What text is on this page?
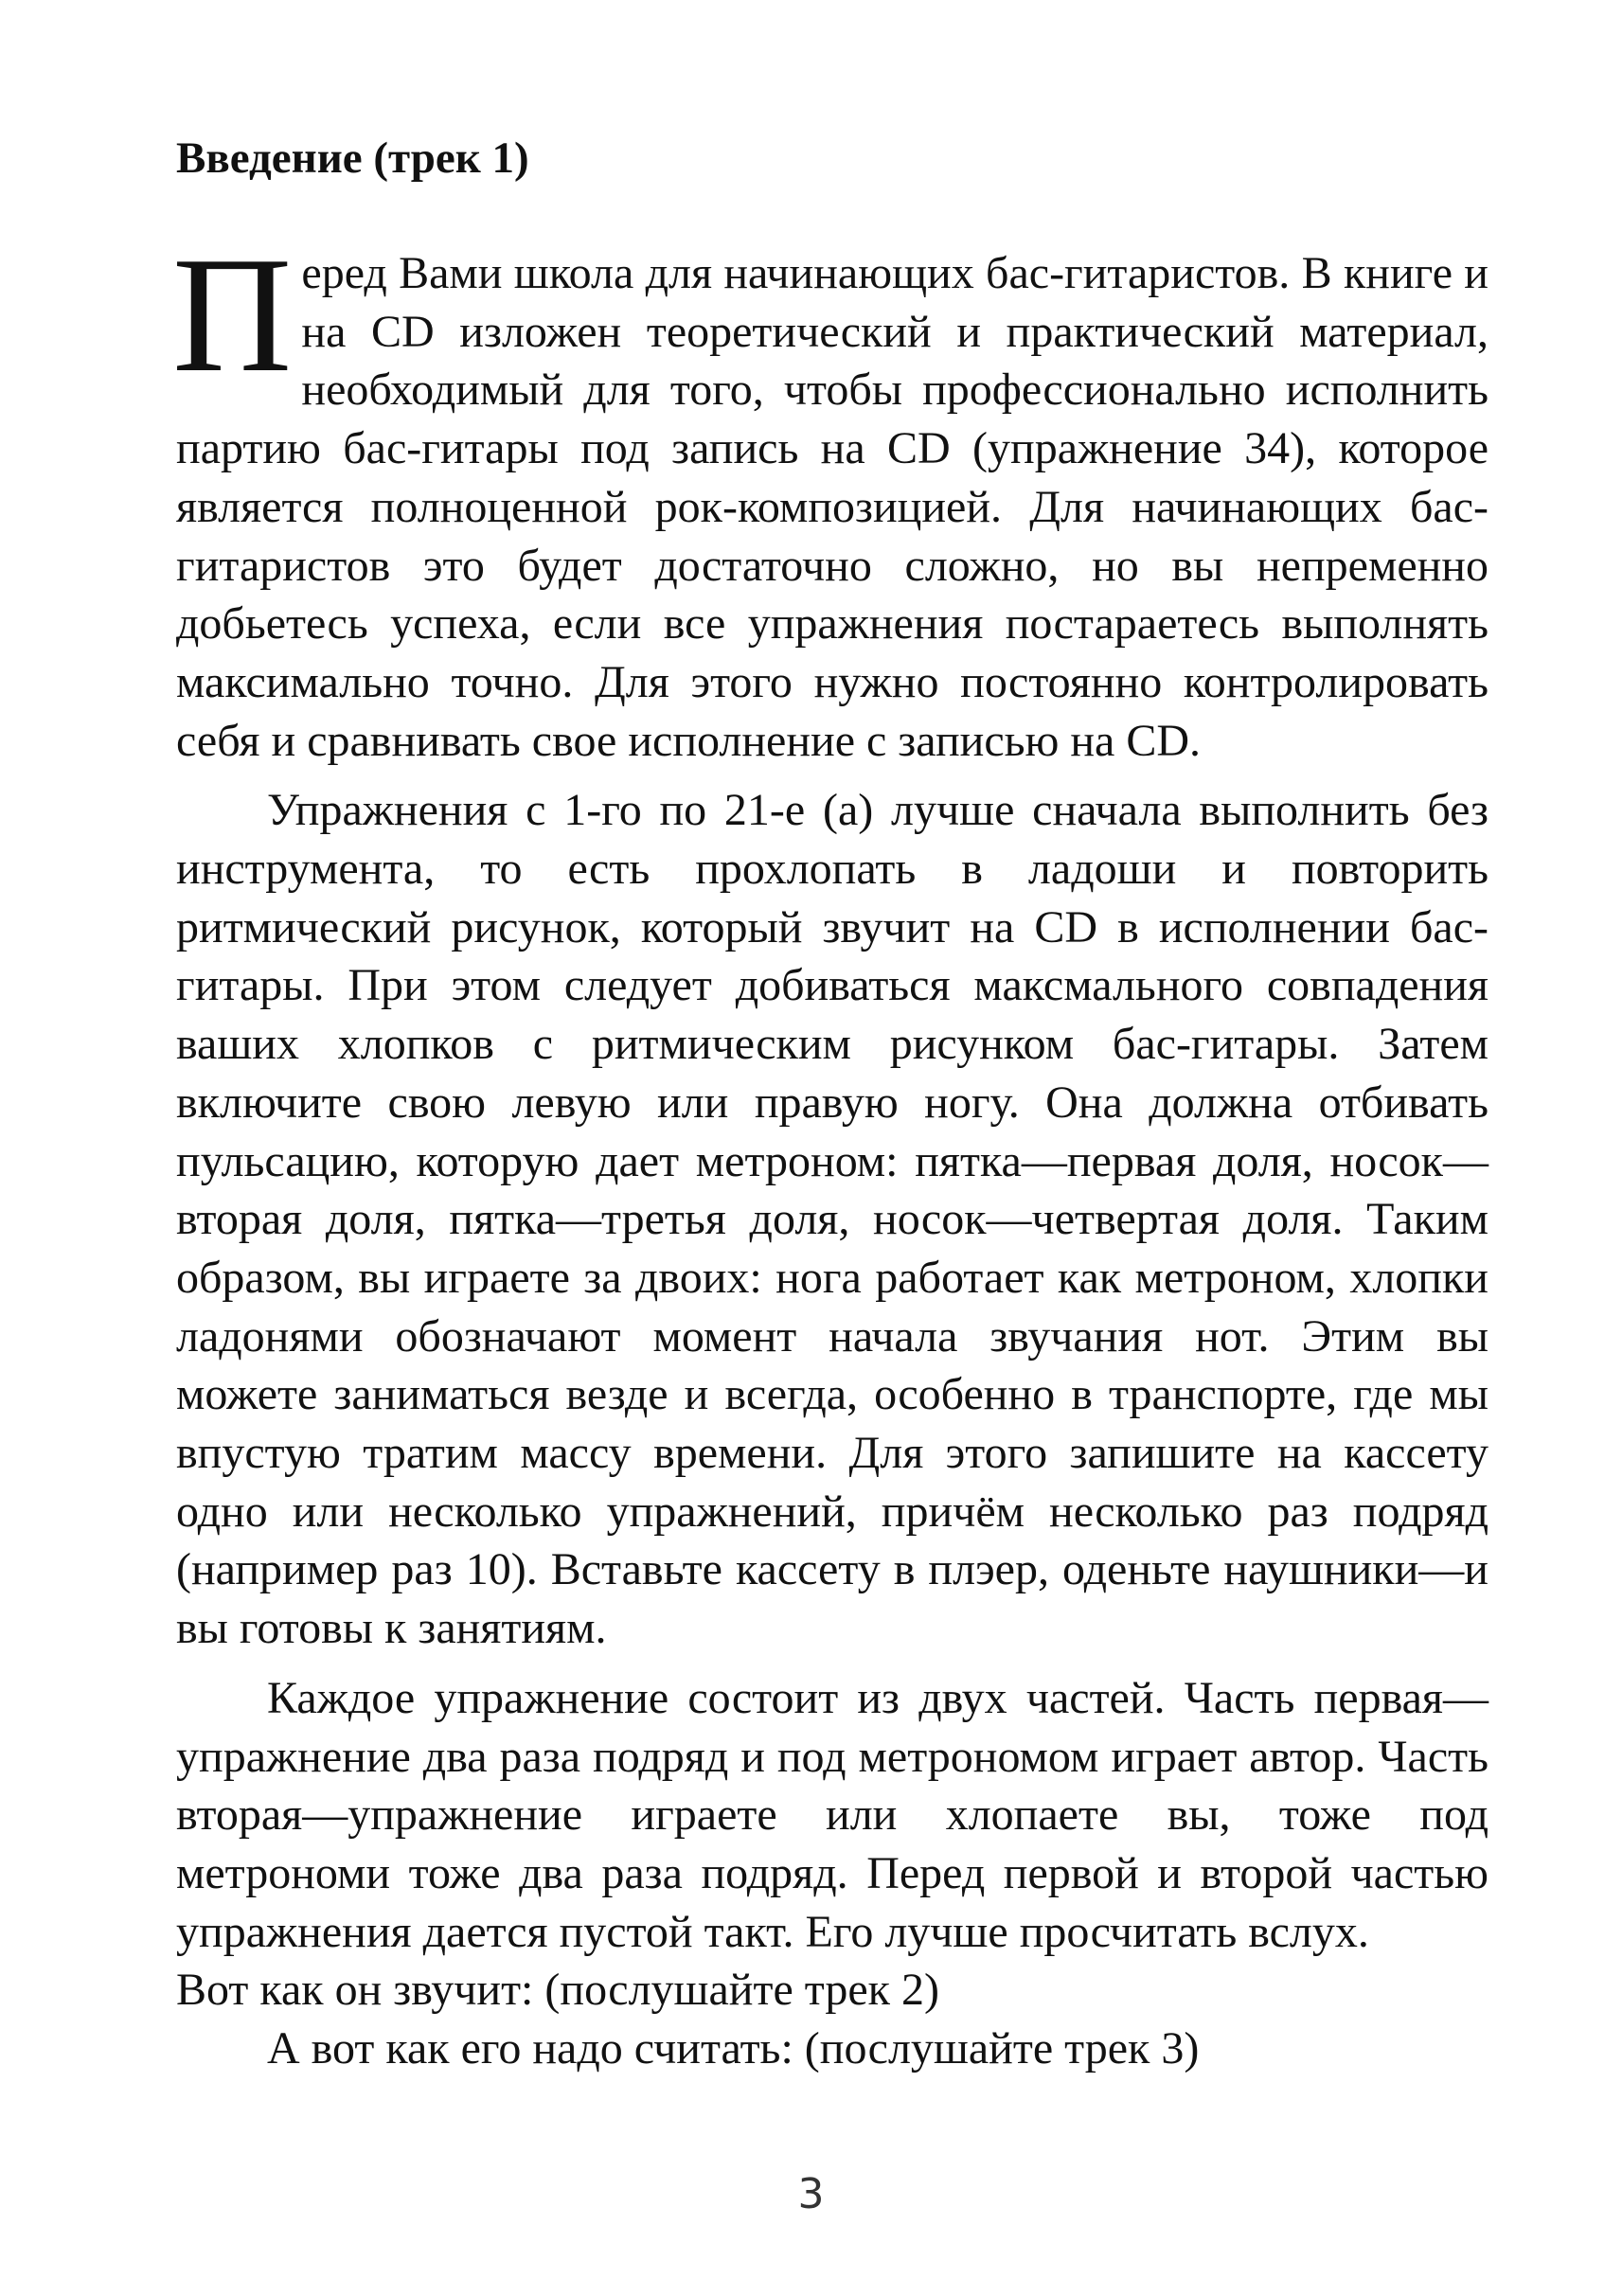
Введение (трек 1)

Перед Вами школа для начинающих бас-гитаристов. В книге и на CD изложен теоретический и практический материал, необходимый для того, чтобы профессионально исполнить партию бас-гитары под запись на CD (упражнение 34), которое является полноценной рок-композицией. Для начинающих бас-гитаристов это будет достаточно сложно, но вы непременно добьетесь успеха, если все упражнения постараетесь выполнять максимально точно. Для этого нужно постоянно контролировать себя и сравнивать свое исполнение с записью на CD.

Упражнения с 1-го по 21-е (а) лучше сначала выполнить без инструмента, то есть прохлопать в ладоши и повторить ритмический рисунок, который звучит на CD в исполнении бас-гитары. При этом следует добиваться максмального совпадения ваших хлопков с ритмическим рисунком бас-гитары. Затем включите свою левую или правую ногу. Она должна отбивать пульсацию, которую дает метроном: пятка—первая доля, носок—вторая доля, пятка—третья доля, носок—четвертая доля. Таким образом, вы играете за двоих: нога работает как метроном, хлопки ладонями обозначают момент начала звучания нот. Этим вы можете заниматься везде и всегда, особенно в транспорте, где мы впустую тратим массу времени. Для этого запишите на кассету одно или несколько упражнений, причём несколько раз подряд (например раз 10). Вставьте кассету в плэер, оденьте наушники—и вы готовы к занятиям.

Каждое упражнение состоит из двух частей. Часть первая—упражнение два раза подряд и под метрономом играет автор. Часть вторая—упражнение играете или хлопаете вы, тоже под метрономи тоже два раза подряд. Перед первой и второй частью упражнения дается пустой такт. Его лучше просчитать вслух.

Вот как он звучит: (послушайте трек 2)

А вот как его надо считать: (послушайте трек 3)

3
